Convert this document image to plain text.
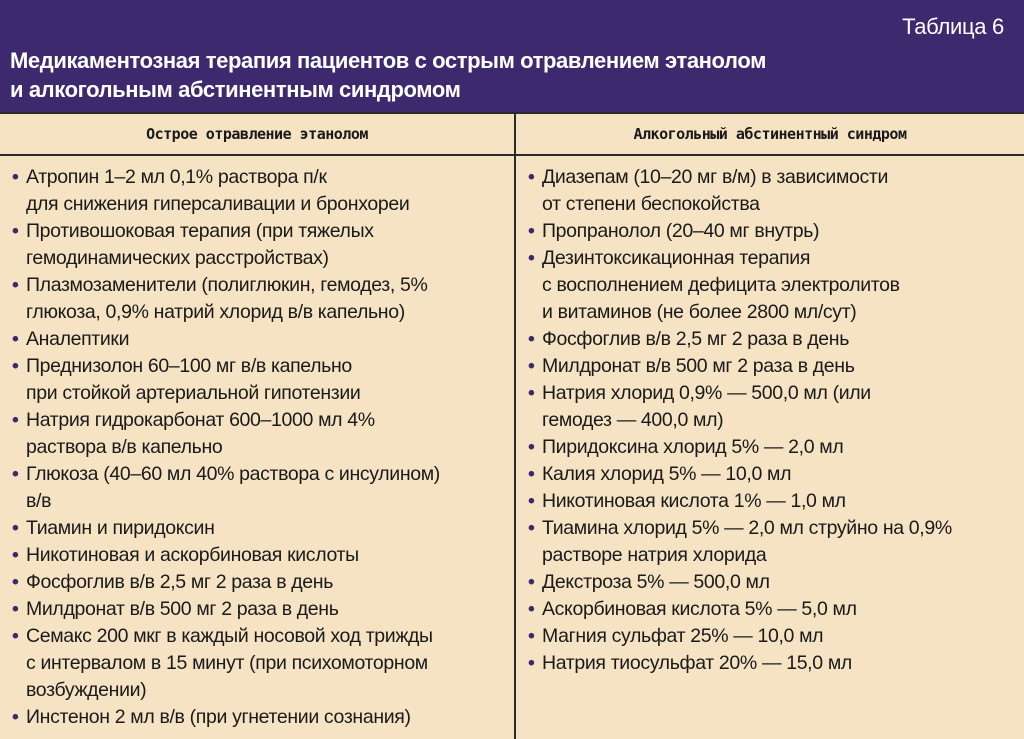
Таблица 6
Медикаментозная терапия пациентов с острым отравлением этанолом
и алкогольным абстинентным синдромом
Острое отравление этанолом	Алкогольный абстинентный синдром
• Атропин 1–2 мл 0,1% раствора п/к
для снижения гиперсаливации и бронхореи
• Противошоковая терапия (при тяжелых
гемодинамических расстройствах)
• Плазмозаменители (полиглюкин, гемодез, 5%
глюкоза, 0,9% натрий хлорид в/в капельно)
• Аналептики
• Преднизолон 60–100 мг в/в капельно
при стойкой артериальной гипотензии
• Натрия гидрокарбонат 600–1000 мл 4%
раствора в/в капельно
• Глюкоза (40–60 мл 40% раствора с инсулином)
в/в
• Тиамин и пиридоксин
• Никотиновая и аскорбиновая кислоты
• Фосфоглив в/в 2,5 мг 2 раза в день
• Милдронат в/в 500 мг 2 раза в день
• Семакс 200 мкг в каждый носовой ход трижды
с интервалом в 15 минут (при психомоторном
возбуждении)
• Инстенон 2 мл в/в (при угнетении сознания)
• Диазепам (10–20 мг в/м) в зависимости
от степени беспокойства
• Пропранолол (20–40 мг внутрь)
• Дезинтоксикационная терапия
с восполнением дефицита электролитов
и витаминов (не более 2800 мл/сут)
• Фосфоглив в/в 2,5 мг 2 раза в день
• Милдронат в/в 500 мг 2 раза в день
• Натрия хлорид 0,9% — 500,0 мл (или
гемодез — 400,0 мл)
• Пиридоксина хлорид 5% — 2,0 мл
• Калия хлорид 5% — 10,0 мл
• Никотиновая кислота 1% — 1,0 мл
• Тиамина хлорид 5% — 2,0 мл струйно на 0,9%
растворе натрия хлорида
• Декстроза 5% — 500,0 мл
• Аскорбиновая кислота 5% — 5,0 мл
• Магния сульфат 25% — 10,0 мл
• Натрия тиосульфат 20% — 15,0 мл
